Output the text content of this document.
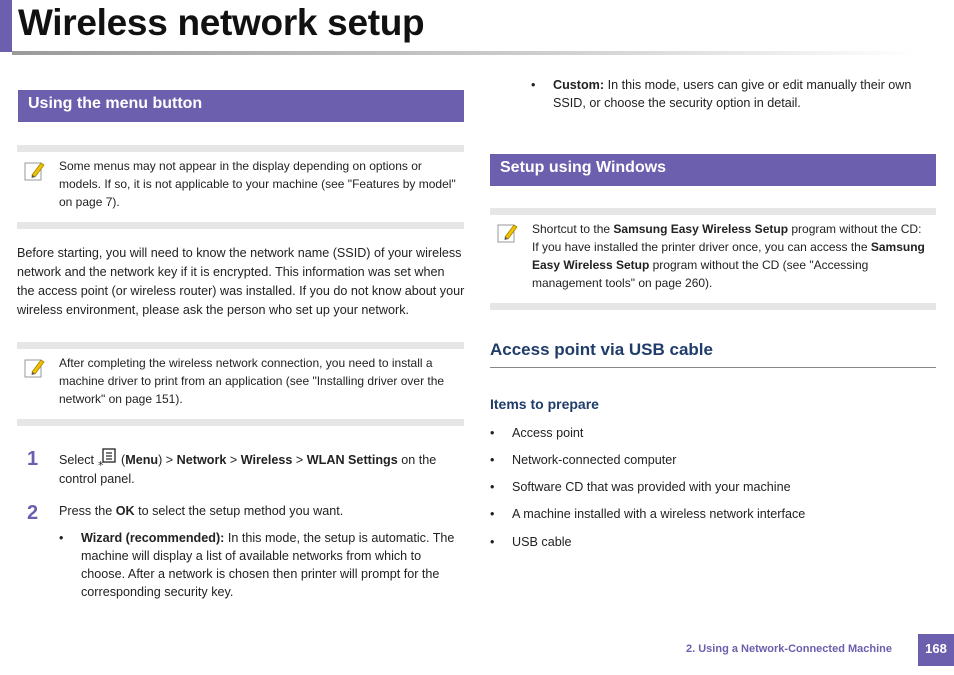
Wireless network setup
Using the menu button
Some menus may not appear in the display depending on options or models. If so, it is not applicable to your machine (see "Features by model" on page 7).
Before starting, you will need to know the network name (SSID) of your wireless network and the network key if it is encrypted. This information was set when the access point (or wireless router) was installed. If you do not know about your wireless environment, please ask the person who set up your network.
After completing the wireless network connection, you need to install a machine driver to print from an application (see "Installing driver over the network" on page 151).
1 Select * (Menu) > Network > Wireless > WLAN Settings on the control panel.
2 Press the OK to select the setup method you want.
• Wizard (recommended): In this mode, the setup is automatic. The machine will display a list of available networks from which to choose. After a network is chosen then printer will prompt for the corresponding security key.
• Custom: In this mode, users can give or edit manually their own SSID, or choose the security option in detail.
Setup using Windows
Shortcut to the Samsung Easy Wireless Setup program without the CD: If you have installed the printer driver once, you can access the Samsung Easy Wireless Setup program without the CD (see "Accessing management tools" on page 260).
Access point via USB cable
Items to prepare
• Access point
• Network-connected computer
• Software CD that was provided with your machine
• A machine installed with a wireless network interface
• USB cable
2. Using a Network-Connected Machine	168
